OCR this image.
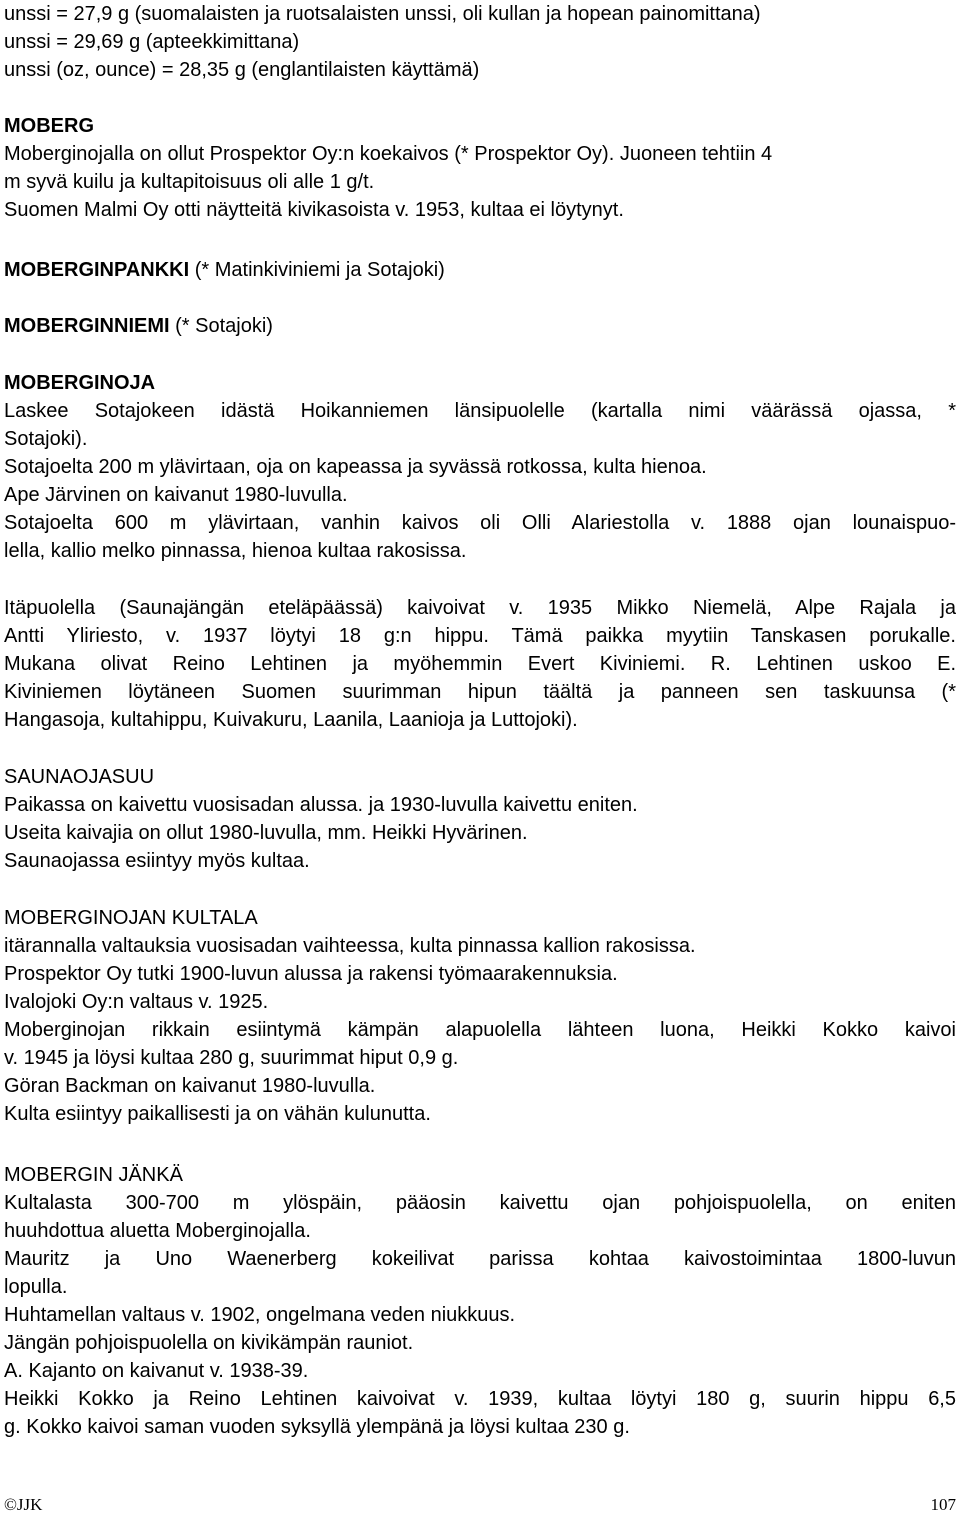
unssi = 27,9 g (suomalaisten ja ruotsalaisten unssi, oli kullan ja hopean painomittana)
unssi = 29,69 g (apteekkimittana)
unssi (oz, ounce) = 28,35 g (englantilaisten käyttämä)
MOBERG
Moberginojalla on ollut Prospektor Oy:n koekaivos (* Prospektor Oy). Juoneen tehtiin 4
m syvä kuilu ja kultapitoisuus oli alle 1 g/t.
Suomen Malmi Oy otti näytteitä kivikasoista v. 1953, kultaa ei löytynyt.
MOBERGINPANKKI (* Matinkiviniemi ja Sotajoki)
MOBERGINNIEMI (* Sotajoki)
MOBERGINOJA
Laskee Sotajokeen idästä Hoikanniemen länsipuolelle (kartalla nimi väärässä ojassa, *
Sotajoki).
Sotajoelta 200 m ylävirtaan, oja on kapeassa ja syvässä rotkossa, kulta hienoa.
Ape Järvinen on kaivanut 1980-luvulla.
Sotajoelta 600 m ylävirtaan, vanhin kaivos oli Olli Alariestolla v. 1888 ojan lounaispuo-
lella, kallio melko pinnassa, hienoa kultaa rakosissa.
Itäpuolella (Saunajängän eteläpäässä) kaivoivat v. 1935 Mikko Niemelä, Alpe Rajala ja
Antti Yliriesto, v. 1937 löytyi 18 g:n hippu. Tämä paikka myytiin Tanskasen porukalle.
Mukana olivat Reino Lehtinen ja myöhemmin Evert Kiviniemi. R. Lehtinen uskoo E.
Kiviniemen löytäneen Suomen suurimman hipun täältä ja panneen sen taskuunsa (*
Hangasoja, kultahippu, Kuivakuru, Laanila, Laanioja ja Luttojoki).
SAUNAOJASUU
Paikassa on kaivettu vuosisadan alussa. ja 1930-luvulla kaivettu eniten.
Useita kaivajia on ollut 1980-luvulla, mm. Heikki Hyvärinen.
Saunaojassa esiintyy myös kultaa.
MOBERGINOJAN KULTALA
itärannalla valtauksia vuosisadan vaihteessa, kulta pinnassa kallion rakosissa.
Prospektor Oy tutki 1900-luvun alussa ja rakensi työmaarakennuksia.
Ivalojoki Oy:n valtaus v. 1925.
Moberginojan rikkain esiintymä kämpän alapuolella lähteen luona, Heikki Kokko kaivoi
v. 1945 ja löysi kultaa 280 g, suurimmat hiput 0,9 g.
Göran Backman on kaivanut 1980-luvulla.
Kulta esiintyy paikallisesti ja on vähän kulunutta.
MOBERGIN JÄNKÄ
Kultalasta 300-700 m ylöspäin, pääosin kaivettu ojan pohjoispuolella, on eniten
huuhdottua aluetta Moberginojalla.
Mauritz ja Uno Waenerberg kokeilivat parissa kohtaa kaivostoimintaa 1800-luvun
lopulla.
Huhtamellan valtaus v. 1902, ongelmana veden niukkuus.
Jängän pohjoispuolella on kivikämpän rauniot.
A. Kajanto on kaivanut v. 1938-39.
Heikki Kokko ja Reino Lehtinen kaivoivat v. 1939, kultaa löytyi 180 g, suurin hippu 6,5
g. Kokko kaivoi saman vuoden syksyllä ylempänä ja löysi kultaa 230 g.
©JJK	107
